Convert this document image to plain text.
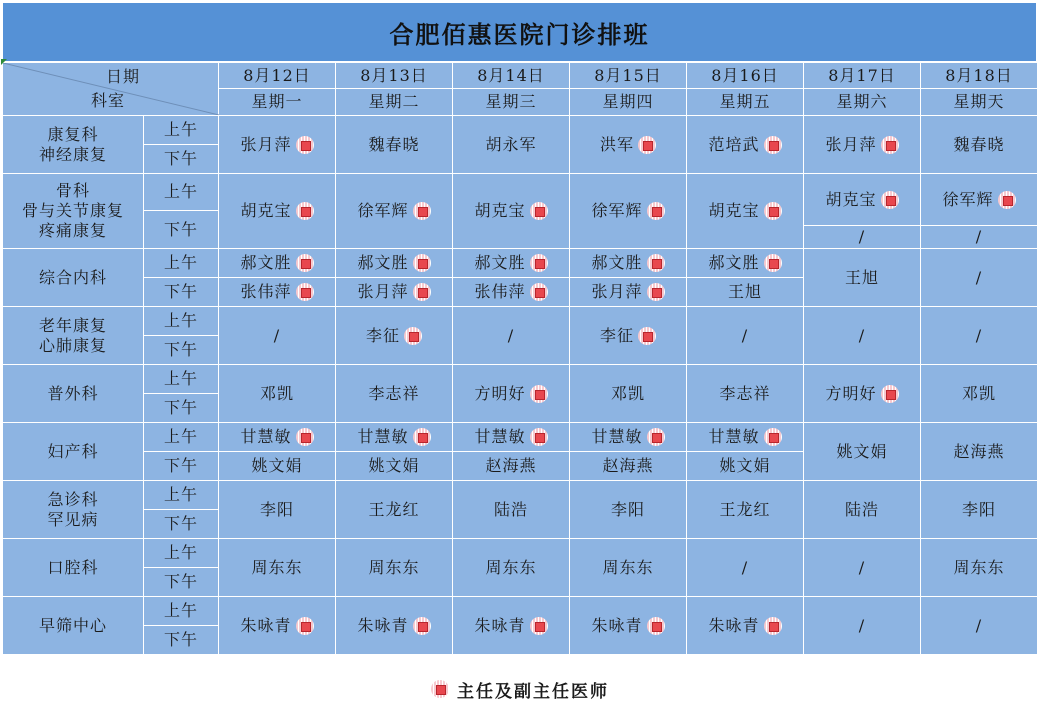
合肥佰惠医院门诊排班
日期
科室		8月12日	8月13日	8月14日	8月15日	8月16日	8月17日	8月18日
		星期一	星期二	星期三	星期四	星期五	星期六	星期天

康复科
神经康复	上午	张月萍	魏春晓	胡永军	洪军	范培武	张月萍	魏春晓

	下午							

骨科
骨与关节康复
疼痛康复	上午	胡克宝	徐军辉	胡克宝	徐军辉	胡克宝	胡克宝	徐军辉

	下午							
							/	/

综合内科	上午	郝文胜	郝文胜	郝文胜	郝文胜	郝文胜	王旭	/
	下午	张伟萍	张月萍	张伟萍	张月萍	王旭		

老年康复
心肺康复	上午	/	李征	/	李征	/	/	/
	下午							

普外科	上午	邓凯	李志祥	方明好	邓凯	李志祥	方明好	邓凯

	下午							

妇产科	上午	甘慧敏	甘慧敏	甘慧敏	甘慧敏	甘慧敏	姚文娟	赵海燕

	下午	姚文娟	姚文娟	赵海燕	赵海燕	姚文娟		

急诊科
罕见病	上午	李阳	王龙红	陆浩	李阳	王龙红	陆浩	李阳

	下午							

口腔科	上午	周东东	周东东	周东东	周东东	/	/	周东东

	下午							

早筛中心	上午	朱咏青	朱咏青	朱咏青	朱咏青	朱咏青	/	/
	下午							
主任及副主任医师
